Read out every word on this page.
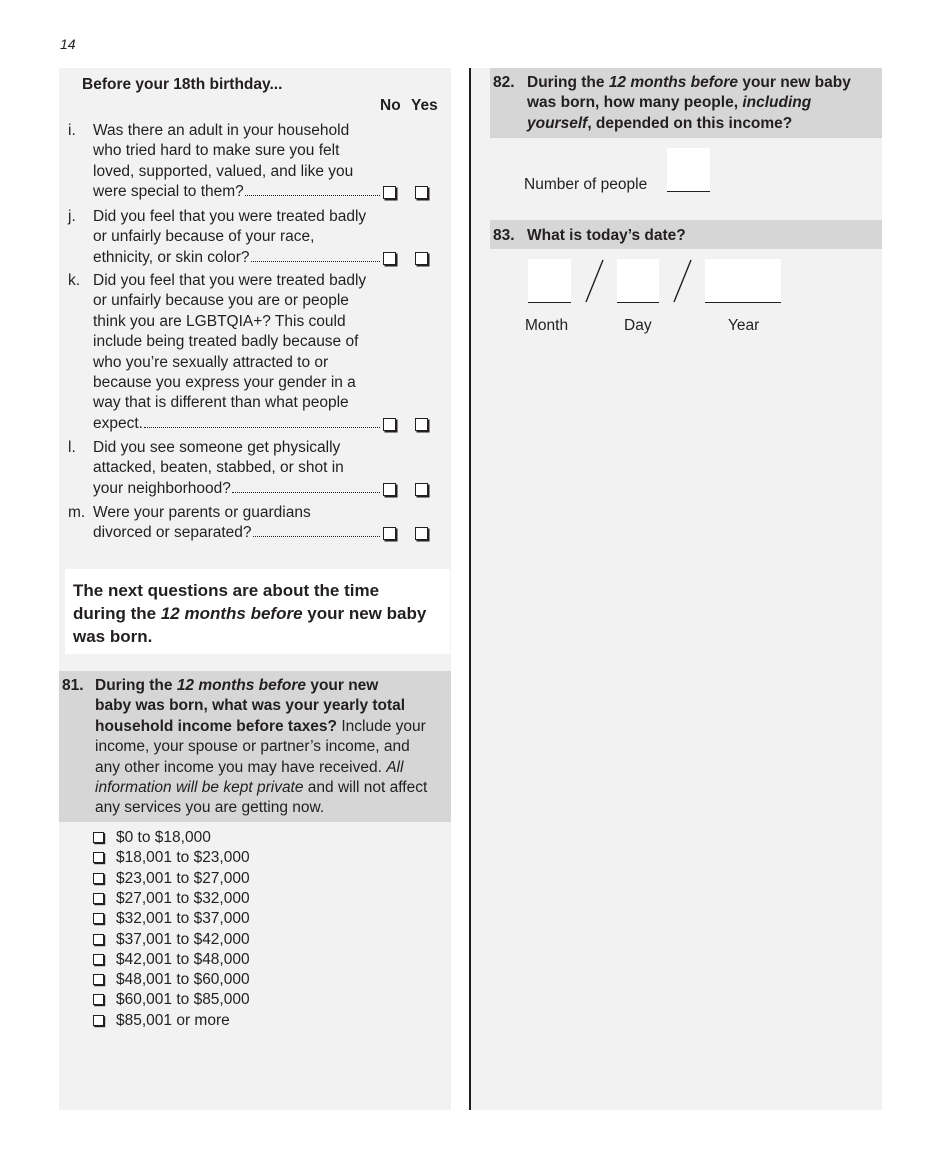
14
Before your 18th birthday...
No Yes
i. Was there an adult in your household
who tried hard to make sure you felt
loved, supported, valued, and like you
were special to them?
j. Did you feel that you were treated badly
or unfairly because of your race,
ethnicity, or skin color?
k. Did you feel that you were treated badly
or unfairly because you are or people
think you are LGBTQIA+? This could
include being treated badly because of
who you’re sexually attracted to or
because you express your gender in a
way that is different than what people
expect.
l. Did you see someone get physically
attacked, beaten, stabbed, or shot in
your neighborhood?
m. Were your parents or guardians
divorced or separated?
The next questions are about the time
during the 12 months before your new baby
was born.
81. During the 12 months before your new
baby was born, what was your yearly total
household income before taxes? Include your
income, your spouse or partner’s income, and
any other income you may have received. All
information will be kept private and will not affect
any services you are getting now.
$0 to $18,000
$18,001 to $23,000
$23,001 to $27,000
$27,001 to $32,000
$32,001 to $37,000
$37,001 to $42,000
$42,001 to $48,000
$48,001 to $60,000
$60,001 to $85,000
$85,001 or more
82. During the 12 months before your new baby
was born, how many people, including
yourself, depended on this income?
Number of people
83. What is today’s date?
Month	Day	Year
